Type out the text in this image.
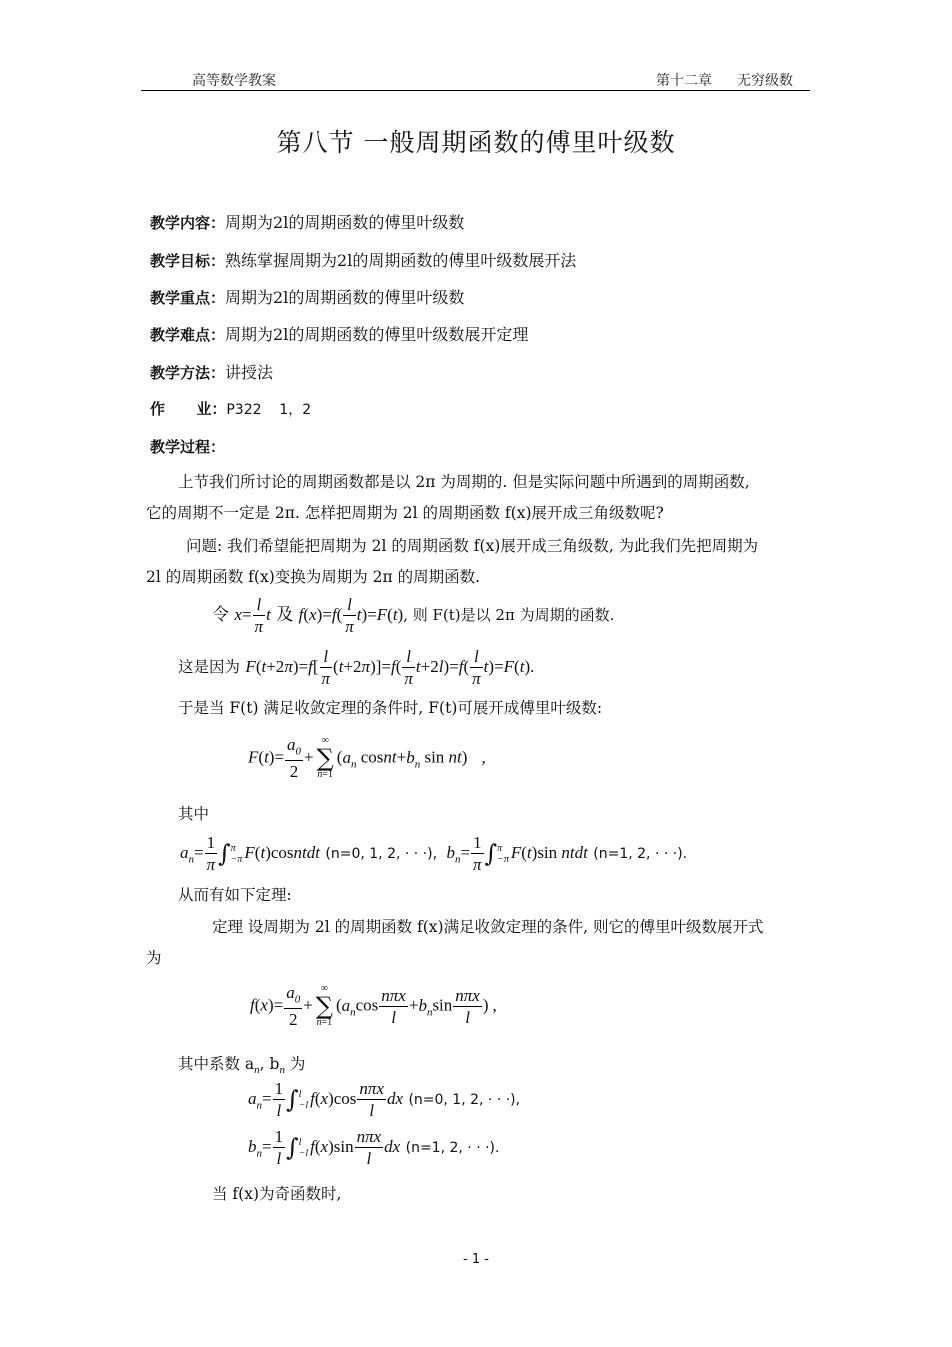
高等数学教案	第十二章 无穷级数
第八节 一般周期函数的傅里叶级数
教学内容：周期为2l的周期函数的傅里叶级数
教学目标：熟练掌握周期为2l的周期函数的傅里叶级数展开法
教学重点：周期为2l的周期函数的傅里叶级数
教学难点：周期为2l的周期函数的傅里叶级数展开定理
教学方法：讲授法
作      业：P322    1，2
教学过程：
上节我们所讨论的周期函数都是以 2π 为周期的. 但是实际问题中所遇到的周期函数,
它的周期不一定是 2π. 怎样把周期为 2l 的周期函数 f(x)展开成三角级数呢?
问题: 我们希望能把周期为 2l 的周期函数 f(x)展开成三角级数, 为此我们先把周期为
2l 的周期函数 f(x)变换为周期为 2π 的周期函数.
令 $x= \frac{l}{\pi}$ t 及 $f(x)=f( \frac{l}{\pi} t)=F(t)$, 则 F(t)是以 2π 为周期的函数.
这是因为 $F(t+2\pi)=f[ \frac{l}{\pi} (t+2\pi)]=f( \frac{l}{\pi} t+2l)=f( \frac{l}{\pi} t)=F(t)$.
于是当 F(t) 满足收敛定理的条件时, F(t)可展开成傅里叶级数:
$F(t)= \frac{a_0}{2}$ +
∞
∑
n=1
($a_n$ $cosnt+b_n$ sin nt) ,
其中
$a_n= \frac{1}{\pi}$ ∫ π
−π F(t)cosntdt (n=0, 1, 2, · · ·), $b_n= \frac{1}{\pi}$ ∫ π
−π F(t)sin ntdt (n=1, 2, · · ·).
从而有如下定理:
定理 设周期为 2l 的周期函数 f(x)满足收敛定理的条件, 则它的傅里叶级数展开式
为
$f(x)= \frac{a_0}{2}$ +
∞
∑
n=1
($a_n\cos \frac{\text{nπx}}{l} +b_n\sin \frac{\text{nπx}}{l}$ ) ,
其中系数 $a_n$, $b_n$ 为
$a_n= \frac{1}{l}$ ∫ l
−l $f(x)\cos \frac{\text{nπx}}{l}$ dx (n=0, 1, 2, · · ·),
$b_n= \frac{1}{l}$ ∫ l
−l $f(x)\sin \frac{\text{nπx}}{l}$ dx (n=1, 2, · · ·).
当 f(x)为奇函数时,
- 1 -
